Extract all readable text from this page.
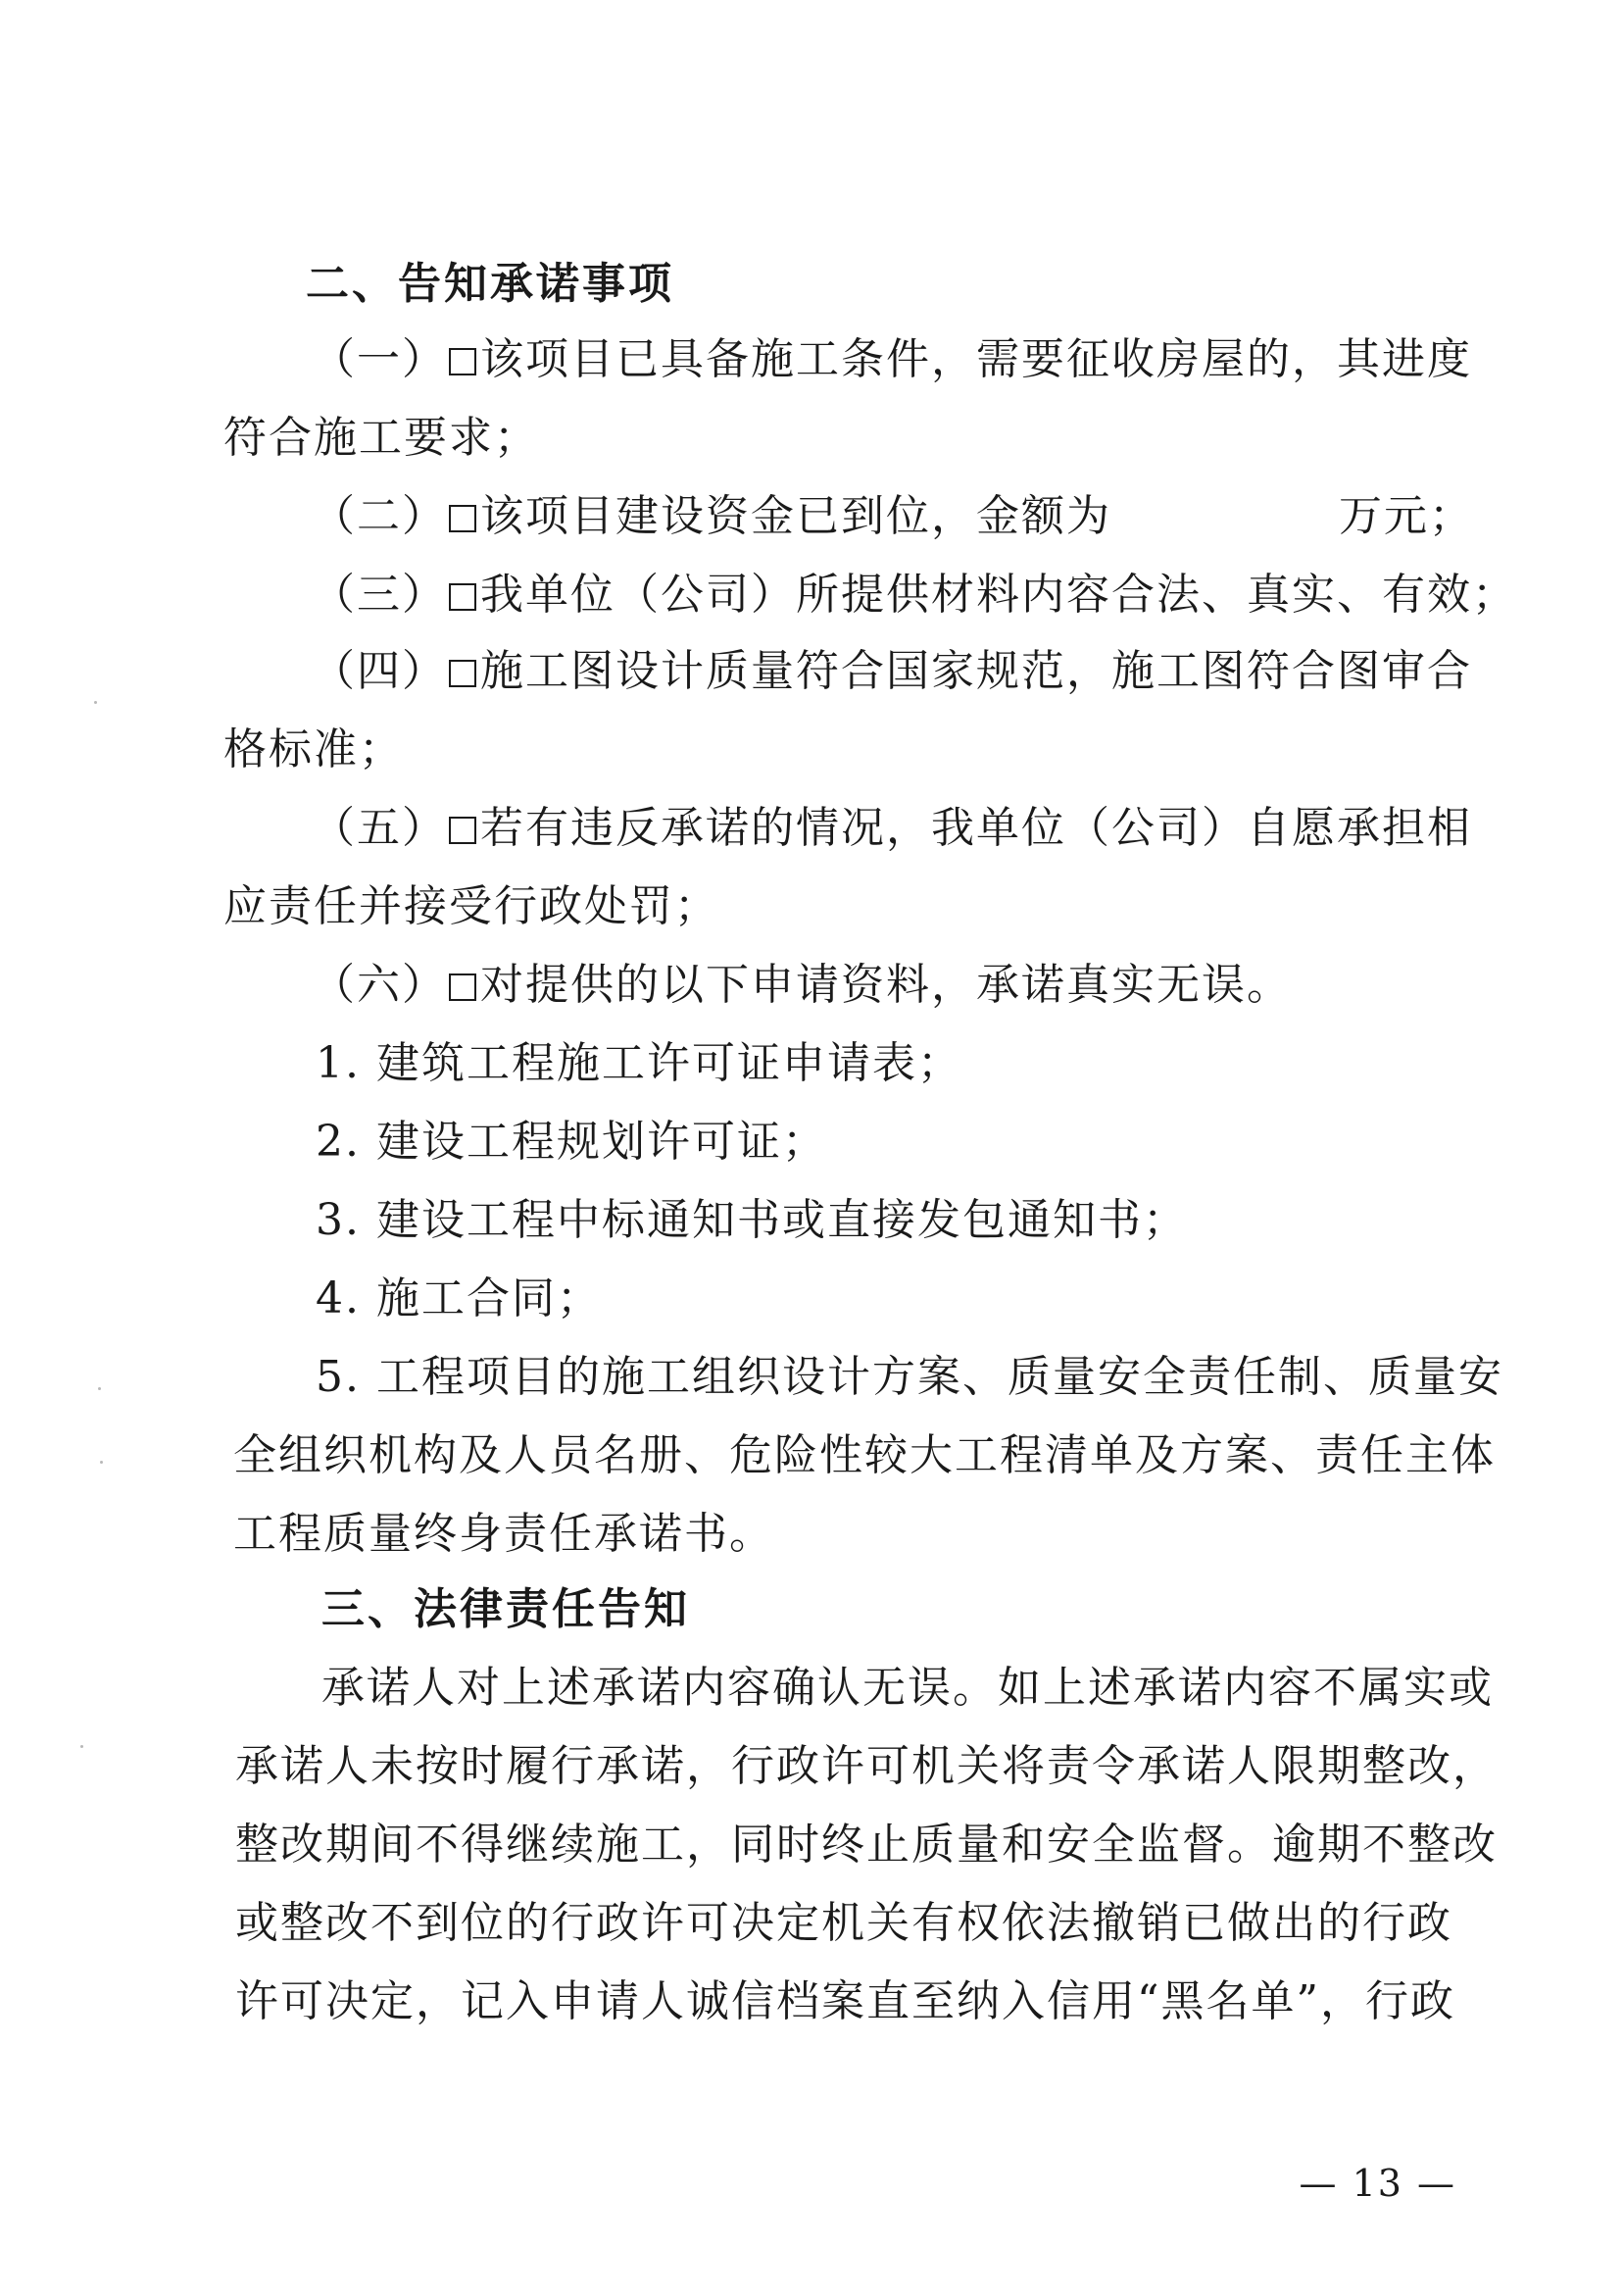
二、告知承诺事项
（一） 该项目已具备施工条件，需要征收房屋的，其进度
符合施工要求；
（二） 该项目建设资金已到位，金额为	万元；
（三） 我单位（公司）所提供材料内容合法、真实、有效；
（四） 施工图设计质量符合国家规范，施工图符合图审合
格标准；
（五） 若有违反承诺的情况，我单位（公司）自愿承担相
应责任并接受行政处罚；
（六） 对提供的以下申请资料，承诺真实无误。
1. 建筑工程施工许可证申请表；
2. 建设工程规划许可证；
3. 建设工程中标通知书或直接发包通知书；
4. 施工合同；
5. 工程项目的施工组织设计方案、质量安全责任制、质量安
全组织机构及人员名册、危险性较大工程清单及方案、责任主体
工程质量终身责任承诺书。
三、法律责任告知
承诺人对上述承诺内容确认无误。如上述承诺内容不属实或
承诺人未按时履行承诺，行政许可机关将责令承诺人限期整改，
整改期间不得继续施工，同时终止质量和安全监督。逾期不整改
或整改不到位的行政许可决定机关有权依法撤销已做出的行政
许可决定，记入申请人诚信档案直至纳入信用“黑名单”，行政
— 13 —
